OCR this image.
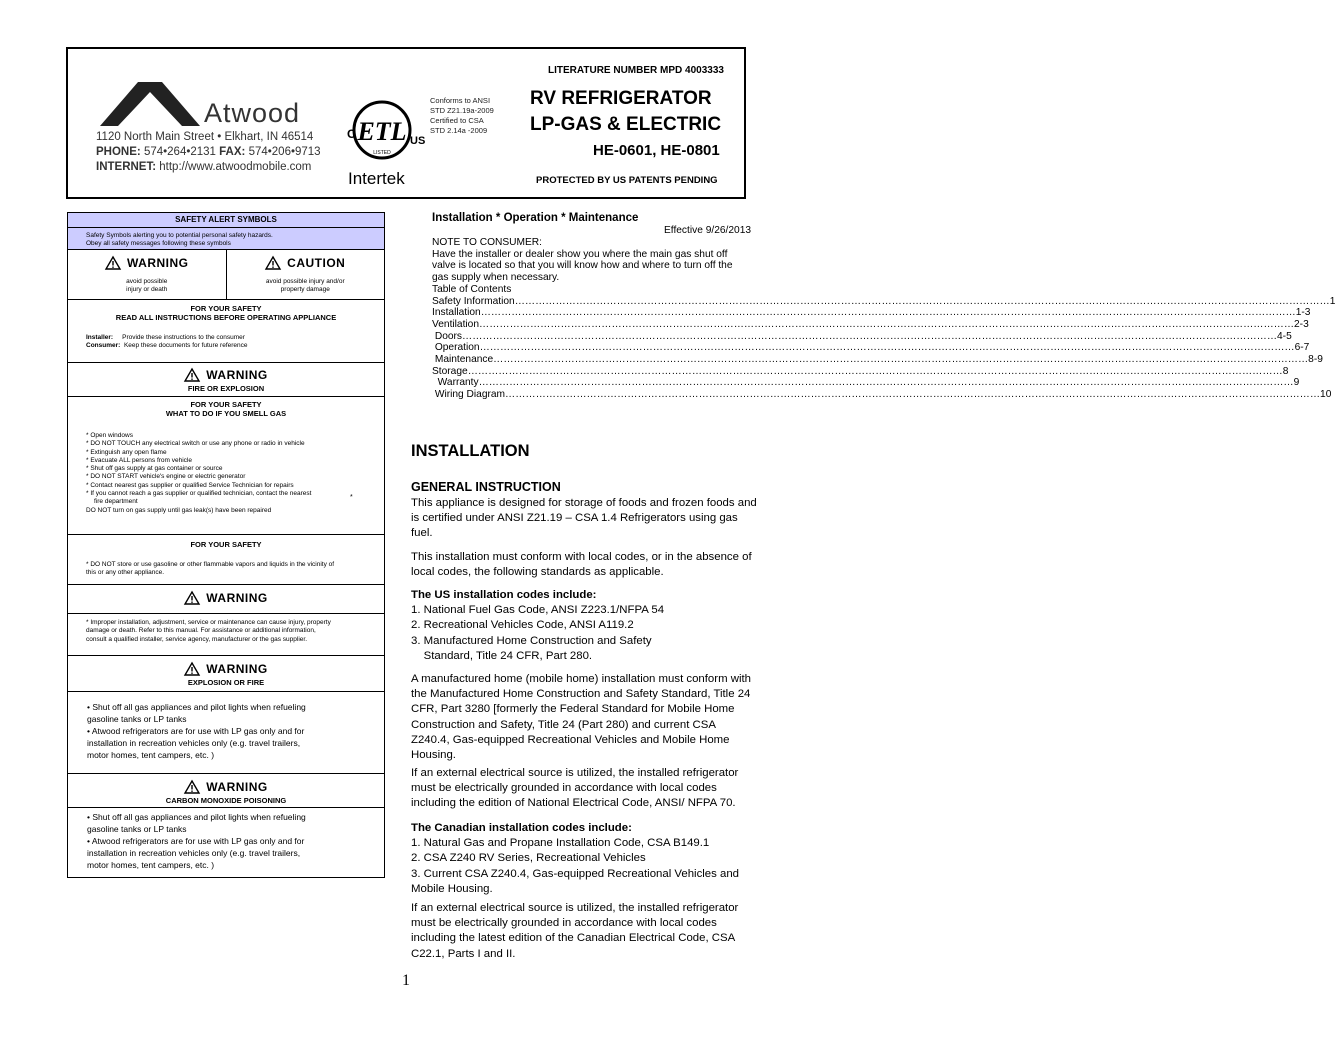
Atwood
1120 North Main Street • Elkhart, IN 46514
PHONE: 574•264•2131 FAX: 574•206•9713
INTERNET: http://www.atwoodmobile.com
ETL
LISTED
C	US
Intertek
Conforms to ANSI
STD Z21.19a-2009
Certified to CSA
STD 2.14a -2009
LITERATURE NUMBER MPD 4003333
RV REFRIGERATOR
LP-GAS & ELECTRIC
HE-0601, HE-0801
PROTECTED BY US PATENTS PENDING
SAFETY ALERT SYMBOLS
Safety Symbols alerting you to potential personal safety hazards.
Obey all safety messages following these symbols
WARNING
avoid possible
injury or death
CAUTION
avoid possible injury and/or
property damage
FOR YOUR SAFETY
READ ALL INSTRUCTIONS BEFORE OPERATING APPLIANCE
Installer: Provide these instructions to the consumer
Consumer: Keep these documents for future reference
WARNING
FIRE OR EXPLOSION
FOR YOUR SAFETY
WHAT TO DO IF YOU SMELL GAS
* Open windows
* DO NOT TOUCH any electrical switch or use any phone or radio in vehicle
* Extinguish any open flame
* Evacuate ALL persons from vehicle
* Shut off gas supply at gas container or source
* DO NOT START vehicle's engine or electric generator
* Contact nearest gas supplier or qualified Service Technician for repairs
* If you cannot reach a gas supplier or qualified technician, contact the nearest
fire department
DO NOT turn on gas supply until gas leak(s) have been repaired
*
FOR YOUR SAFETY
* DO NOT store or use gasoline or other flammable vapors and liquids in the vicinity of
this or any other appliance.
WARNING
* Improper installation, adjustment, service or maintenance can cause injury, property
damage or death. Refer to this manual. For assistance or additional information,
consult a qualified installer, service agency, manufacturer or the gas supplier.
WARNING
EXPLOSION OR FIRE
• Shut off all gas appliances and pilot lights when refueling
gasoline tanks or LP tanks
• Atwood refrigerators are for use with LP gas only and for
installation in recreation vehicles only (e.g. travel trailers,
motor homes, tent campers, etc. )
WARNING
CARBON MONOXIDE POISONING
• Shut off all gas appliances and pilot lights when refueling
gasoline tanks or LP tanks
• Atwood refrigerators are for use with LP gas only and for
installation in recreation vehicles only (e.g. travel trailers,
motor homes, tent campers, etc. )
Installation * Operation * Maintenance
Effective 9/26/2013
NOTE TO CONSUMER:
Have the installer or dealer show you where the main gas shut off
valve is located so that you will know how and where to turn off the
gas supply when necessary.
Table of Contents
Safety Information …………………………………………………………………………………………………………………………………………………………………………………………………………………… 1
Installation …………………………………………………………………………………………………………………………………………………………………………………………………………………… 1-3
Ventilation …………………………………………………………………………………………………………………………………………………………………………………………………………………… 2-3
Doors …………………………………………………………………………………………………………………………………………………………………………………………………………………… 4-5
Operation …………………………………………………………………………………………………………………………………………………………………………………………………………………… 6-7
Maintenance …………………………………………………………………………………………………………………………………………………………………………………………………………………… 8-9
Storage …………………………………………………………………………………………………………………………………………………………………………………………………………………… 8
Warranty …………………………………………………………………………………………………………………………………………………………………………………………………………………… 9
Wiring Diagram …………………………………………………………………………………………………………………………………………………………………………………………………………………… 10
INSTALLATION
GENERAL INSTRUCTION
This appliance is designed for storage of foods and frozen foods and is certified under ANSI Z21.19 – CSA 1.4 Refrigerators using gas fuel.
This installation must conform with local codes, or in the absence of local codes, the following standards as applicable.
The US installation codes include:
1. National Fuel Gas Code, ANSI Z223.1/NFPA 54
2. Recreational Vehicles Code, ANSI A119.2
3. Manufactured Home Construction and Safety
Standard, Title 24 CFR, Part 280.
A manufactured home (mobile home) installation must conform with the Manufactured Home Construction and Safety Standard, Title 24 CFR, Part 3280 [formerly the Federal Standard for Mobile Home Construction and Safety, Title 24 (Part 280) and current CSA Z240.4, Gas-equipped Recreational Vehicles and Mobile Home Housing.
If an external electrical source is utilized, the installed refrigerator must be electrically grounded in accordance with local codes including the edition of National Electrical Code, ANSI/ NFPA 70.
The Canadian installation codes include:
1. Natural Gas and Propane Installation Code, CSA B149.1
2. CSA Z240 RV Series, Recreational Vehicles
3. Current CSA Z240.4, Gas-equipped Recreational Vehicles and Mobile Housing.
If an external electrical source is utilized, the installed refrigerator must be electrically grounded in accordance with local codes including the latest edition of the Canadian Electrical Code, CSA C22.1, Parts I and II.
1
